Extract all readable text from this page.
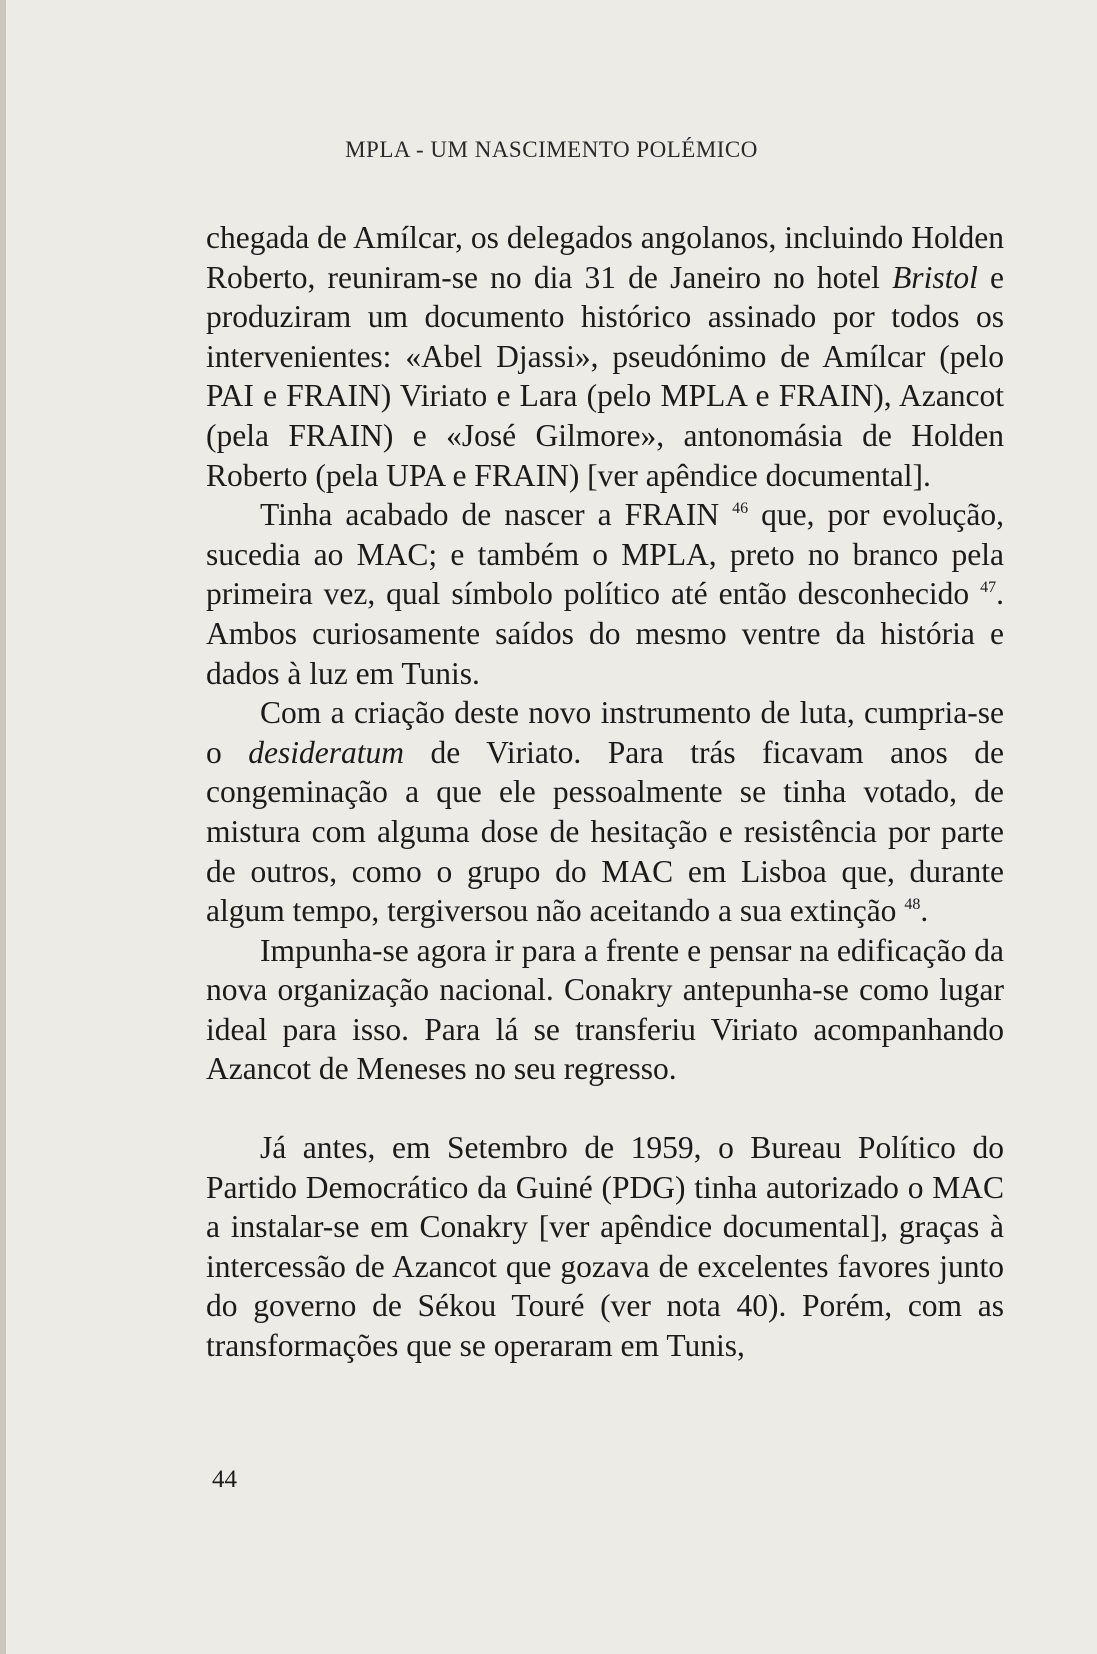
MPLA - UM NASCIMENTO POLÉMICO

chegada de Amílcar, os delegados angolanos, incluindo Holden Roberto, reuniram-se no dia 31 de Janeiro no hotel Bristol e produziram um documento histórico assinado por todos os intervenientes: «Abel Djassi», pseudónimo de Amílcar (pelo PAI e FRAIN) Viriato e Lara (pelo MPLA e FRAIN), Azancot (pela FRAIN) e «José Gilmore», antonomásia de Holden Roberto (pela UPA e FRAIN) [ver apêndice documental].

Tinha acabado de nascer a FRAIN $^{46}$ que, por evolução, sucedia ao MAC; e também o MPLA, preto no branco pela primeira vez, qual símbolo político até então desconhecido $^{47}$. Ambos curiosamente saídos do mesmo ventre da história e dados à luz em Tunis.

Com a criação deste novo instrumento de luta, cumpria-se o desideratum de Viriato. Para trás ficavam anos de congeminação a que ele pessoalmente se tinha votado, de mistura com alguma dose de hesitação e resistência por parte de outros, como o grupo do MAC em Lisboa que, durante algum tempo, tergiversou não aceitando a sua extinção $^{48}$.

Impunha-se agora ir para a frente e pensar na edificação da nova organização nacional. Conakry antepunha-se como lugar ideal para isso. Para lá se transferiu Viriato acompanhando Azancot de Meneses no seu regresso.

Já antes, em Setembro de 1959, o Bureau Político do Partido Democrático da Guiné (PDG) tinha autorizado o MAC a instalar-se em Conakry [ver apêndice documental], graças à intercessão de Azancot que gozava de excelentes favores junto do governo de Sékou Touré (ver nota 40). Porém, com as transformações que se operaram em Tunis,

44
